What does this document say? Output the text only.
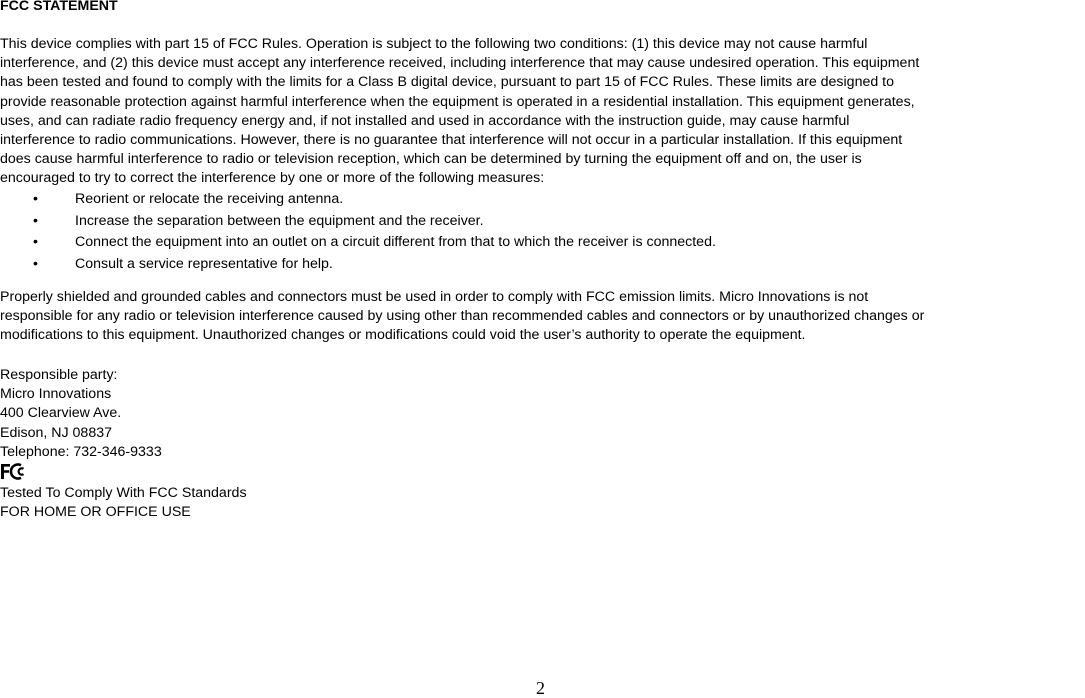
FCC STATEMENT

This device complies with part 15 of FCC Rules. Operation is subject to the following two conditions: (1) this device may not cause harmful
interference, and (2) this device must accept any interference received, including interference that may cause undesired operation. This equipment
has been tested and found to comply with the limits for a Class B digital device, pursuant to part 15 of FCC Rules. These limits are designed to
provide reasonable protection against harmful interference when the equipment is operated in a residential installation. This equipment generates,
uses, and can radiate radio frequency energy and, if not installed and used in accordance with the instruction guide, may cause harmful
interference to radio communications. However, there is no guarantee that interference will not occur in a particular installation. If this equipment
does cause harmful interference to radio or television reception, which can be determined by turning the equipment off and on, the user is
encouraged to try to correct the interference by one or more of the following measures:

•	Reorient or relocate the receiving antenna.
•	Increase the separation between the equipment and the receiver.
•	Connect the equipment into an outlet on a circuit different from that to which the receiver is connected.
•	Consult a service representative for help.

Properly shielded and grounded cables and connectors must be used in order to comply with FCC emission limits. Micro Innovations is not
responsible for any radio or television interference caused by using other than recommended cables and connectors or by unauthorized changes or
modifications to this equipment. Unauthorized changes or modifications could void the user’s authority to operate the equipment.

Responsible party:
Micro Innovations
400 Clearview Ave.
Edison, NJ 08837
Telephone: 732-346-9333
Tested To Comply With FCC Standards
FOR HOME OR OFFICE USE
2
